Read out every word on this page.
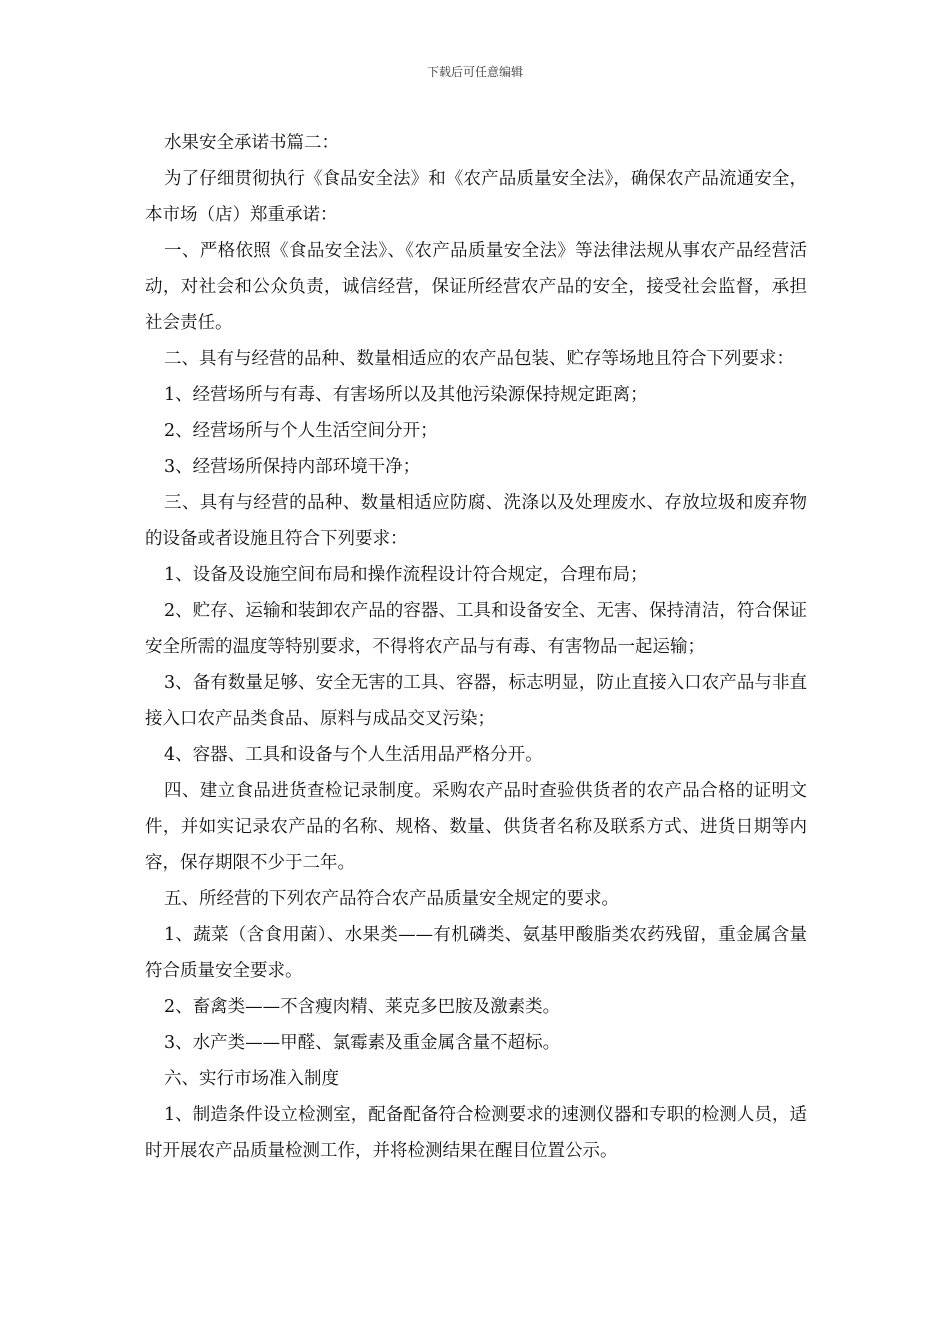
下载后可任意编辑

水果安全承诺书篇二：

为了仔细贯彻执行《食品安全法》和《农产品质量安全法》，确保农产品流通安全，本市场（店）郑重承诺：

一、严格依照《食品安全法》、《农产品质量安全法》等法律法规从事农产品经营活动，对社会和公众负责，诚信经营，保证所经营农产品的安全，接受社会监督，承担社会责任。

二、具有与经营的品种、数量相适应的农产品包装、贮存等场地且符合下列要求：

1、经营场所与有毒、有害场所以及其他污染源保持规定距离；

2、经营场所与个人生活空间分开；

3、经营场所保持内部环境干净；

三、具有与经营的品种、数量相适应防腐、洗涤以及处理废水、存放垃圾和废弃物的设备或者设施且符合下列要求：

1、设备及设施空间布局和操作流程设计符合规定，合理布局；

2、贮存、运输和装卸农产品的容器、工具和设备安全、无害、保持清洁，符合保证安全所需的温度等特别要求，不得将农产品与有毒、有害物品一起运输；

3、备有数量足够、安全无害的工具、容器，标志明显，防止直接入口农产品与非直接入口农产品类食品、原料与成品交叉污染；

4、容器、工具和设备与个人生活用品严格分开。

四、建立食品进货查检记录制度。采购农产品时查验供货者的农产品合格的证明文件，并如实记录农产品的名称、规格、数量、供货者名称及联系方式、进货日期等内容，保存期限不少于二年。

五、所经营的下列农产品符合农产品质量安全规定的要求。

1、蔬菜（含食用菌）、水果类——有机磷类、氨基甲酸脂类农药残留，重金属含量符合质量安全要求。

2、畜禽类——不含瘦肉精、莱克多巴胺及激素类。

3、水产类——甲醛、氯霉素及重金属含量不超标。

六、实行市场准入制度

1、制造条件设立检测室，配备配备符合检测要求的速测仪器和专职的检测人员，适时开展农产品质量检测工作，并将检测结果在醒目位置公示。
